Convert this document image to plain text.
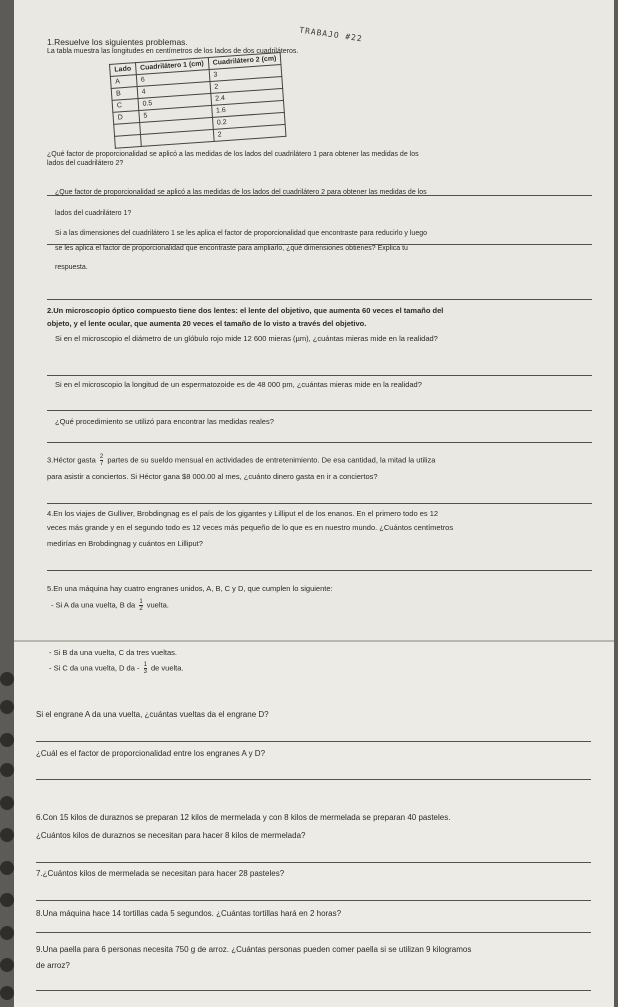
1.Resuelve los siguientes problemas.
La tabla muestra las longitudes en centímetros de los lados de dos cuadriláteros.
TRABAJO #22
Lado	Cuadrilátero 1 (cm)	Cuadrilátero 2 (cm)
A	6	3
B	4	2
C	0.5	2.4
D	5	1.6
		0.2
		2
¿Qué factor de proporcionalidad se aplicó a las medidas de los lados del cuadrilátero 1 para obtener las medidas de los
lados del cuadrilátero 2?
¿Que factor de proporcionalidad se aplicó a las medidas de los lados del cuadrilátero 2 para obtener las medidas de los
lados del cuadrilátero 1?
Si a las dimensiones del cuadrilátero 1 se les aplica el factor de proporcionalidad que encontraste para reducirlo y luego
se les aplica el factor de proporcionalidad que encontraste para ampliarlo, ¿qué dimensiones obtienes? Explica tu
respuesta.
2.Un microscopio óptico compuesto tiene dos lentes: el lente del objetivo, que aumenta 60 veces el tamaño del
objeto, y el lente ocular, que aumenta 20 veces el tamaño de lo visto a través del objetivo.
Si en el microscopio el diámetro de un glóbulo rojo mide 12 600 mieras (µm), ¿cuántas mieras mide en la realidad?
Si en el microscopio la longitud de un espermatozoide es de 48 000 pm, ¿cuántas mieras mide en la realidad?
¿Qué procedimiento se utilizó para encontrar las medidas reales?
3.Héctor gasta $\frac{2}{7}$ partes de su sueldo mensual en actividades de entretenimiento. De esa cantidad, la mitad la utiliza
para asistir a conciertos. Si Héctor gana $8 000.00 al mes, ¿cuánto dinero gasta en ir a conciertos?
4.En los viajes de Gulliver, Brobdingnag es el país de los gigantes y Lilliput el de los enanos. En el primero todo es 12
veces más grande y en el segundo todo es 12 veces más pequeño de lo que es en nuestro mundo. ¿Cuántos centímetros
medirías en Brobdingnag y cuántos en Lilliput?
5.En una máquina hay cuatro engranes unidos, A, B, C y D, que cumplen lo siguiente:
- Si A da una vuelta, B da $\frac{1}{2}$ vuelta.
- Si B da una vuelta, C da tres vueltas.
- Si C da una vuelta, D da - $\frac{1}{3}$ de vuelta.
Si el engrane A da una vuelta, ¿cuántas vueltas da el engrane D?
¿Cuál es el factor de proporcionalidad entre los engranes A y D?
6.Con 15 kilos de duraznos se preparan 12 kilos de mermelada y con 8 kilos de mermelada se preparan 40 pasteles.
¿Cuántos kilos de duraznos se necesitan para hacer 8 kilos de mermelada?
7.¿Cuántos kilos de mermelada se necesitan para hacer 28 pasteles?
8.Una máquina hace 14 tortillas cada 5 segundos. ¿Cuántas tortillas hará en 2 horas?
9.Una paella para 6 personas necesita 750 g de arroz. ¿Cuántas personas pueden comer paella si se utilizan 9 kilogramos
de arroz?
